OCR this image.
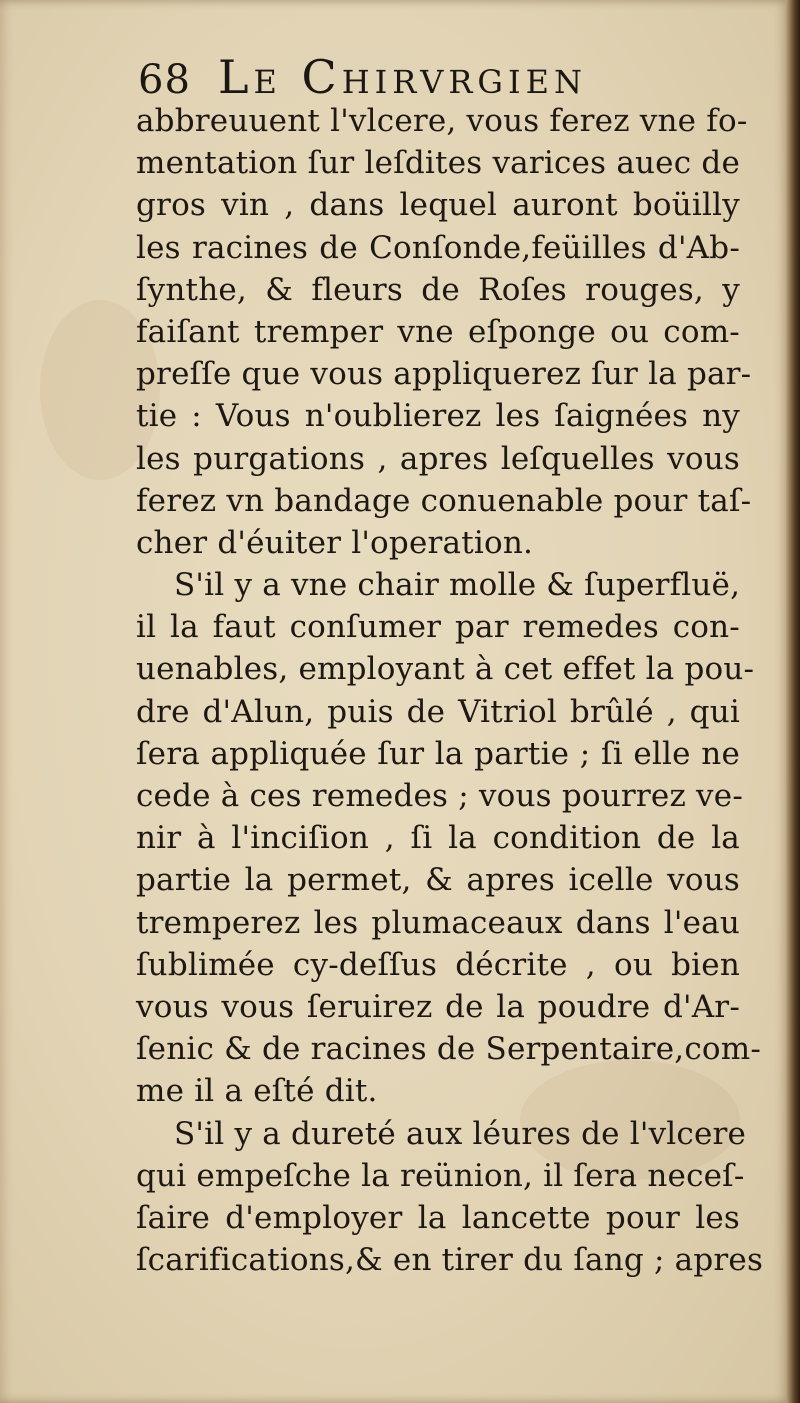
68 Le Chirvrgien
abbreuuent l'vlcere, vous ferez vne fo-
mentation ſur leſdites varices auec de
gros vin , dans lequel auront boüilly
les racines de Conſonde,feüilles d'Ab-
ſynthe, & fleurs de Roſes rouges, y
faiſant tremper vne eſponge ou com-
preſſe que vous appliquerez ſur la par-
tie : Vous n'oublierez les ſaignées ny
les purgations , apres leſquelles vous
ferez vn bandage conuenable pour taſ-
cher d'éuiter l'operation.
S'il y a vne chair molle & ſuperfluë,
il la faut conſumer par remedes con-
uenables, employant à cet effet la pou-
dre d'Alun, puis de Vitriol brûlé , qui
ſera appliquée ſur la partie ; ſi elle ne
cede à ces remedes ; vous pourrez ve-
nir à l'inciſion , ſi la condition de la
partie la permet, & apres icelle vous
tremperez les plumaceaux dans l'eau
ſublimée cy-deſſus décrite , ou bien
vous vous ſeruirez de la poudre d'Ar-
ſenic & de racines de Serpentaire,com-
me il a eſté dit.
S'il y a dureté aux léures de l'vlcere
qui empeſche la reünion, il ſera neceſ-
ſaire d'employer la lancette pour les
ſcarifications,& en tirer du ſang ; apres
